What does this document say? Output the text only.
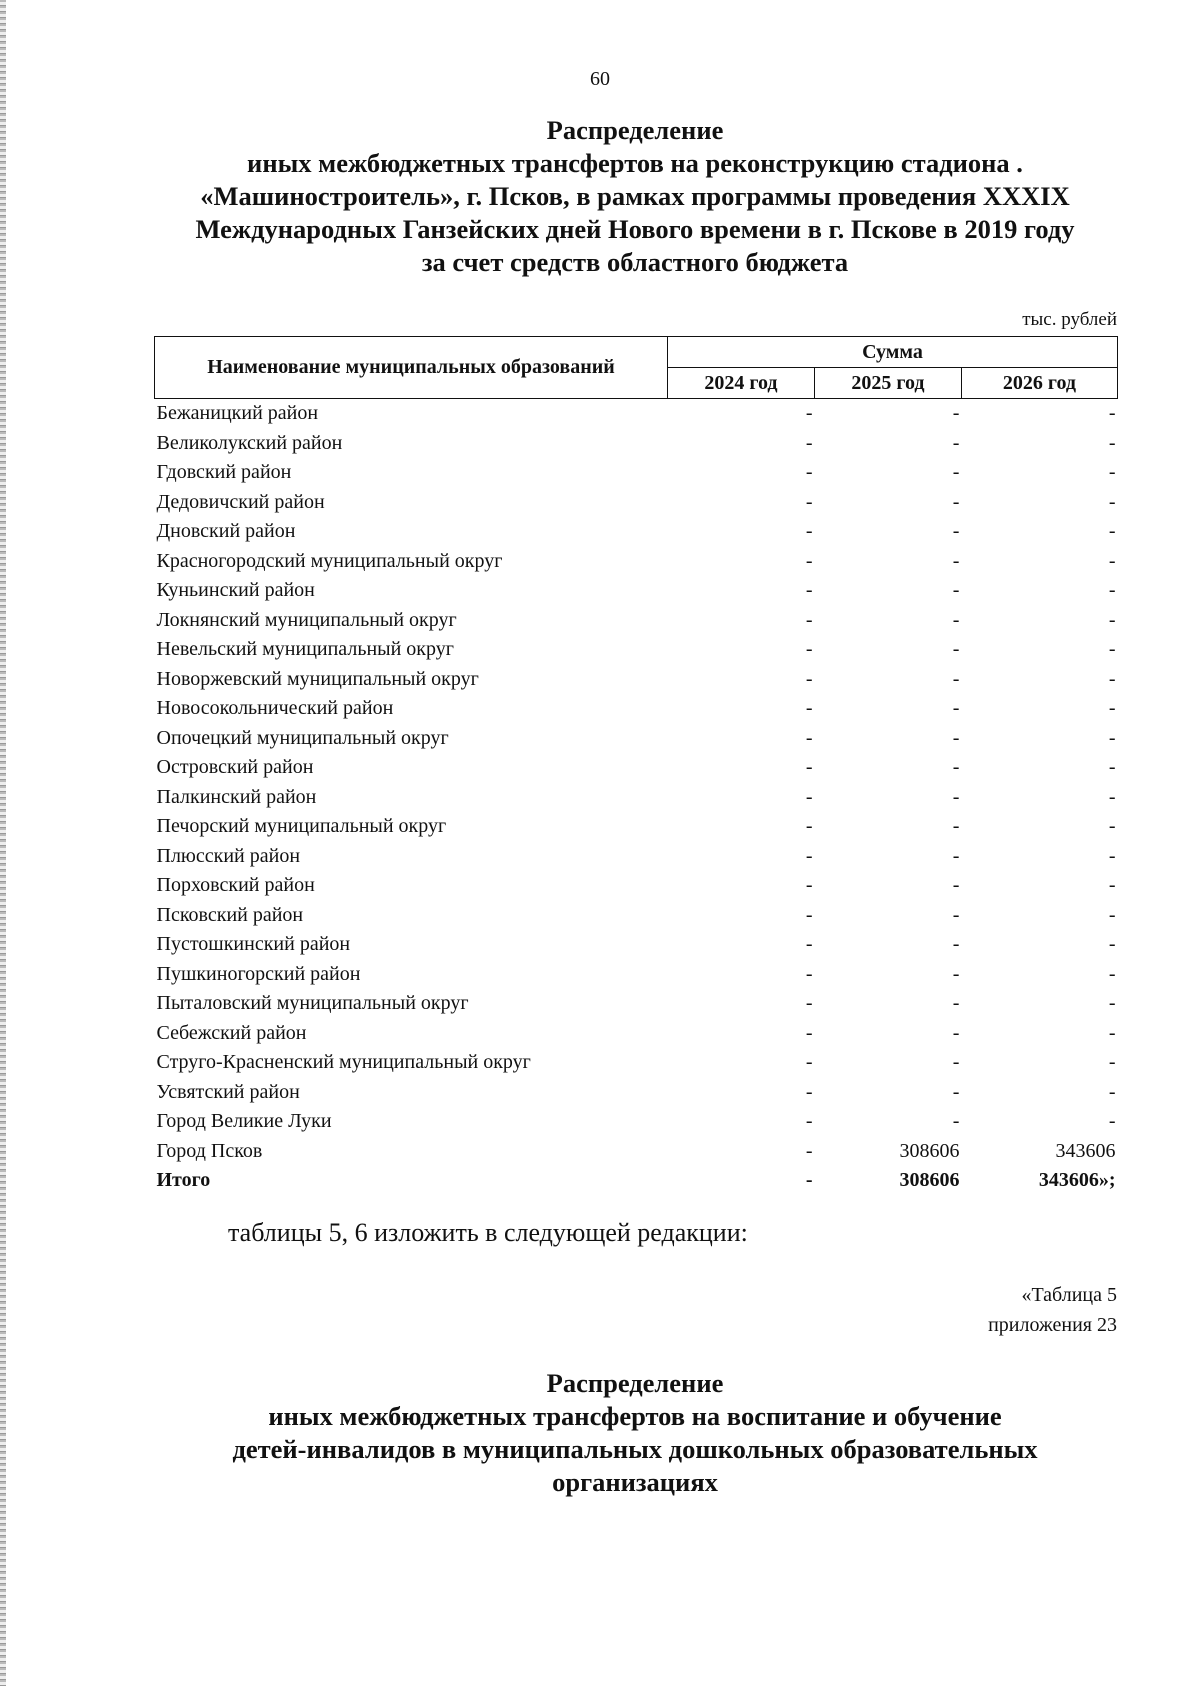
60
Распределение
иных межбюджетных трансфертов на реконструкцию стадиона .
«Машиностроитель», г. Псков, в рамках программы проведения XXXIX
Международных Ганзейских дней Нового времени в г. Пскове в 2019 году
за счет средств областного бюджета
тыс. рублей
Наименование муниципальных образований	Сумма		
	2024 год	2025 год	2026 год
Бежаницкий район	-	-	-
Великолукский район	-	-	-
Гдовский район	-	-	-
Дедовичский район	-	-	-
Дновский район	-	-	-
Красногородский муниципальный округ	-	-	-
Куньинский район	-	-	-
Локнянский муниципальный округ	-	-	-
Невельский муниципальный округ	-	-	-
Новоржевский муниципальный округ	-	-	-
Новосокольнический район	-	-	-
Опочецкий муниципальный округ	-	-	-
Островский район	-	-	-
Палкинский район	-	-	-
Печорский муниципальный округ	-	-	-
Плюсский район	-	-	-
Порховский район	-	-	-
Псковский район	-	-	-
Пустошкинский район	-	-	-
Пушкиногорский район	-	-	-
Пыталовский муниципальный округ	-	-	-
Себежский район	-	-	-
Струго-Красненский муниципальный округ	-	-	-
Усвятский район	-	-	-
Город Великие Луки	-	-	-
Город Псков	-	308606	343606
Итого	-	308606	343606»;
таблицы 5, 6 изложить в следующей редакции:
«Таблица 5
приложения 23
Распределение
иных межбюджетных трансфертов на воспитание и обучение
детей-инвалидов в муниципальных дошкольных образовательных
организациях
